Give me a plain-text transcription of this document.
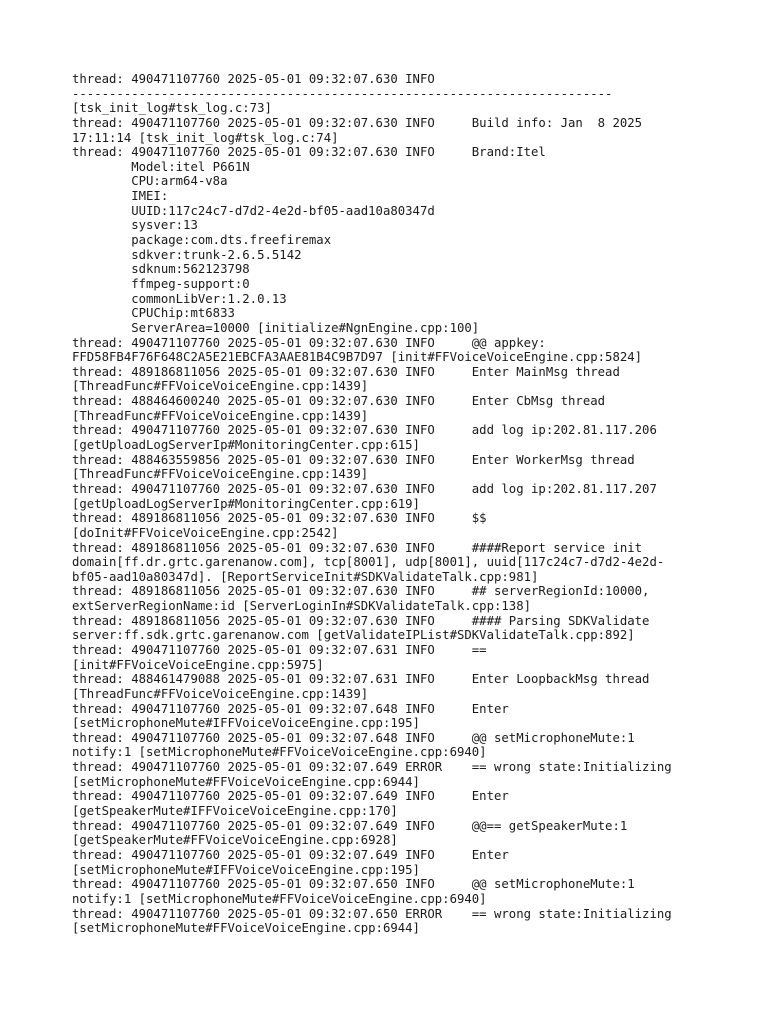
thread: 490471107760 2025-05-01 09:32:07.630 INFO
-------------------------------------------------------------------------
[tsk_init_log#tsk_log.c:73]
thread: 490471107760 2025-05-01 09:32:07.630 INFO     Build info: Jan  8 2025
17:11:14 [tsk_init_log#tsk_log.c:74]
thread: 490471107760 2025-05-01 09:32:07.630 INFO     Brand:Itel
Model:itel P661N
CPU:arm64-v8a
IMEI:
UUID:117c24c7-d7d2-4e2d-bf05-aad10a80347d
sysver:13
package:com.dts.freefiremax
sdkver:trunk-2.6.5.5142
sdknum:562123798
ffmpeg-support:0
commonLibVer:1.2.0.13
CPUChip:mt6833
ServerArea=10000 [initialize#NgnEngine.cpp:100]
thread: 490471107760 2025-05-01 09:32:07.630 INFO     @@ appkey:
FFD58FB4F76F648C2A5E21EBCFA3AAE81B4C9B7D97 [init#FFVoiceVoiceEngine.cpp:5824]
thread: 489186811056 2025-05-01 09:32:07.630 INFO     Enter MainMsg thread
[ThreadFunc#FFVoiceVoiceEngine.cpp:1439]
thread: 488464600240 2025-05-01 09:32:07.630 INFO     Enter CbMsg thread
[ThreadFunc#FFVoiceVoiceEngine.cpp:1439]
thread: 490471107760 2025-05-01 09:32:07.630 INFO     add log ip:202.81.117.206
[getUploadLogServerIp#MonitoringCenter.cpp:615]
thread: 488463559856 2025-05-01 09:32:07.630 INFO     Enter WorkerMsg thread
[ThreadFunc#FFVoiceVoiceEngine.cpp:1439]
thread: 490471107760 2025-05-01 09:32:07.630 INFO     add log ip:202.81.117.207
[getUploadLogServerIp#MonitoringCenter.cpp:619]
thread: 489186811056 2025-05-01 09:32:07.630 INFO     $$
[doInit#FFVoiceVoiceEngine.cpp:2542]
thread: 489186811056 2025-05-01 09:32:07.630 INFO     ####Report service init
domain[ff.dr.grtc.garenanow.com], tcp[8001], udp[8001], uuid[117c24c7-d7d2-4e2d-
bf05-aad10a80347d]. [ReportServiceInit#SDKValidateTalk.cpp:981]
thread: 489186811056 2025-05-01 09:32:07.630 INFO     ## serverRegionId:10000,
extServerRegionName:id [ServerLoginIn#SDKValidateTalk.cpp:138]
thread: 489186811056 2025-05-01 09:32:07.630 INFO     #### Parsing SDKValidate
server:ff.sdk.grtc.garenanow.com [getValidateIPList#SDKValidateTalk.cpp:892]
thread: 490471107760 2025-05-01 09:32:07.631 INFO     ==
[init#FFVoiceVoiceEngine.cpp:5975]
thread: 488461479088 2025-05-01 09:32:07.631 INFO     Enter LoopbackMsg thread
[ThreadFunc#FFVoiceVoiceEngine.cpp:1439]
thread: 490471107760 2025-05-01 09:32:07.648 INFO     Enter
[setMicrophoneMute#IFFVoiceVoiceEngine.cpp:195]
thread: 490471107760 2025-05-01 09:32:07.648 INFO     @@ setMicrophoneMute:1
notify:1 [setMicrophoneMute#FFVoiceVoiceEngine.cpp:6940]
thread: 490471107760 2025-05-01 09:32:07.649 ERROR    == wrong state:Initializing
[setMicrophoneMute#FFVoiceVoiceEngine.cpp:6944]
thread: 490471107760 2025-05-01 09:32:07.649 INFO     Enter
[getSpeakerMute#IFFVoiceVoiceEngine.cpp:170]
thread: 490471107760 2025-05-01 09:32:07.649 INFO     @@== getSpeakerMute:1
[getSpeakerMute#FFVoiceVoiceEngine.cpp:6928]
thread: 490471107760 2025-05-01 09:32:07.649 INFO     Enter
[setMicrophoneMute#IFFVoiceVoiceEngine.cpp:195]
thread: 490471107760 2025-05-01 09:32:07.650 INFO     @@ setMicrophoneMute:1
notify:1 [setMicrophoneMute#FFVoiceVoiceEngine.cpp:6940]
thread: 490471107760 2025-05-01 09:32:07.650 ERROR    == wrong state:Initializing
[setMicrophoneMute#FFVoiceVoiceEngine.cpp:6944]
